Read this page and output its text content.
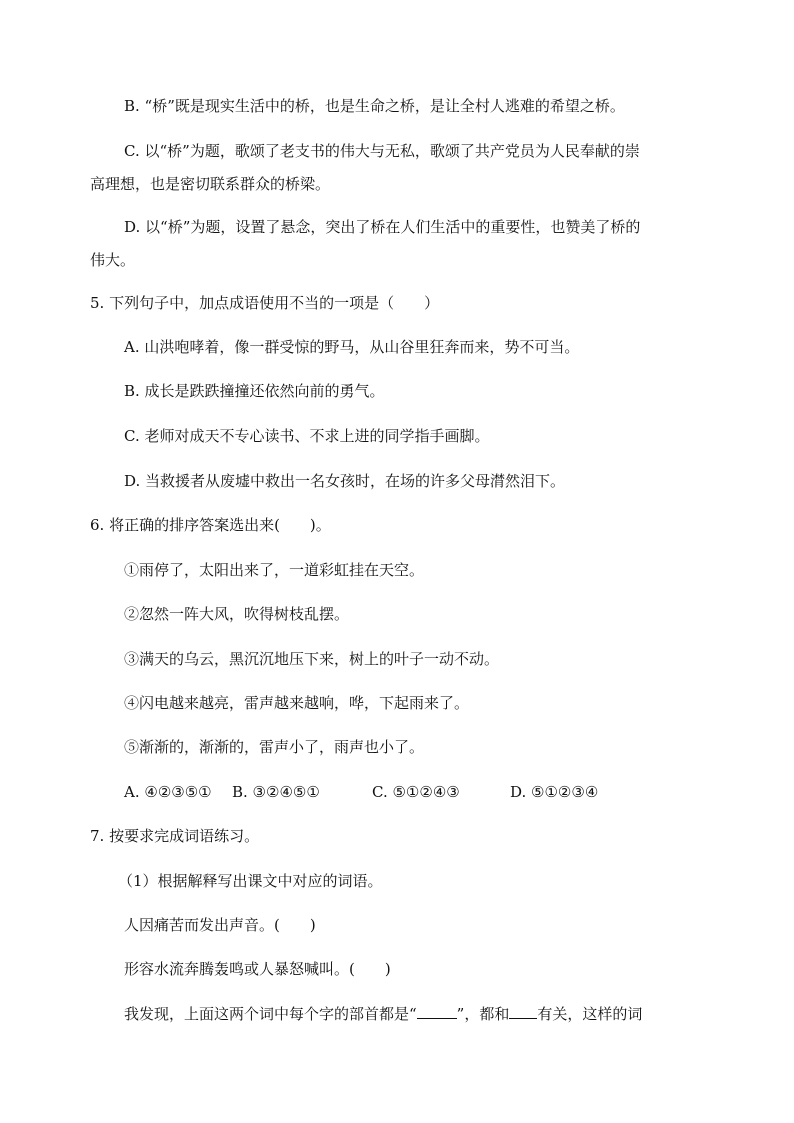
B. “桥”既是现实生活中的桥，也是生命之桥，是让全村人逃难的希望之桥。
C. 以“桥”为题，歌颂了老支书的伟大与无私，歌颂了共产党员为人民奉献的崇
高理想，也是密切联系群众的桥梁。
D. 以“桥”为题，设置了悬念，突出了桥在人们生活中的重要性，也赞美了桥的
伟大。
5. 下列句子中，加点成语使用不当的一项是（　　）
A. 山洪咆哮着，像一群受惊的野马，从山谷里狂奔而来，势不可当。
B. 成长是跌跌撞撞还依然向前的勇气。
C. 老师对成天不专心读书、不求上进的同学指手画脚。
D. 当救援者从废墟中救出一名女孩时，在场的许多父母潸然泪下。
6. 将正确的排序答案选出来(　　)。
①雨停了，太阳出来了，一道彩虹挂在天空。
②忽然一阵大风，吹得树枝乱摆。
③满天的乌云，黑沉沉地压下来，树上的叶子一动不动。
④闪电越来越亮，雷声越来越响，哗，下起雨来了。
⑤渐渐的，渐渐的，雷声小了，雨声也小了。
A. ④②③⑤① B. ③②④⑤①	C. ⑤①②④③	D. ⑤①②③④
7. 按要求完成词语练习。
（1）根据解释写出课文中对应的词语。
人因痛苦而发出声音。(　　)
形容水流奔腾轰鸣或人暴怒喊叫。(　　)
我发现，上面这两个词中每个字的部首都是“	”，都和 有关，这样的词
